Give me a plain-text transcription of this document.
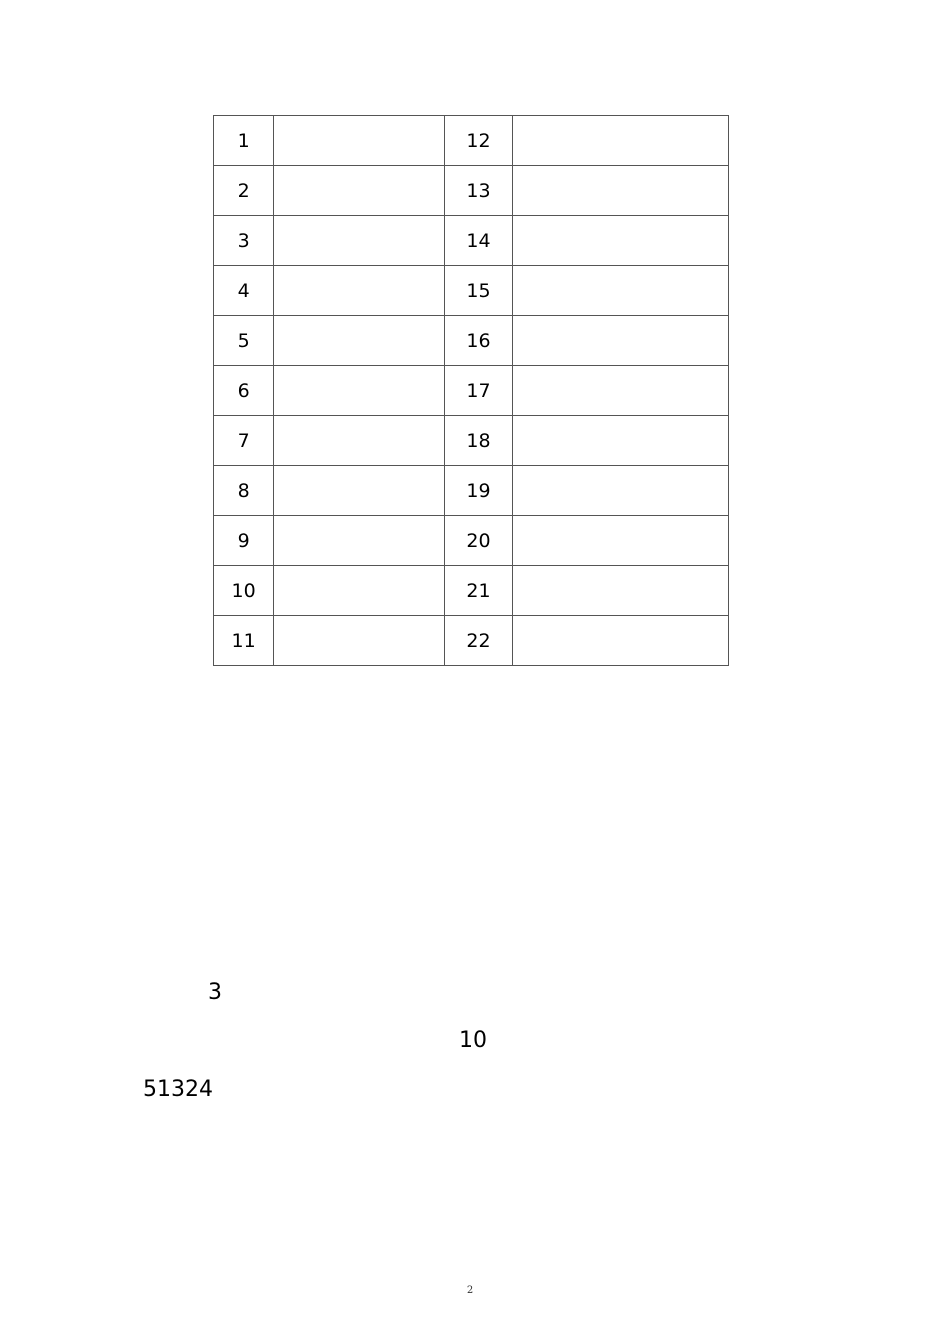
1		12	
2		13	
3		14	
4		15	
5		16	
6		17	
7		18	
8		19	
9		20	
10		21	
11		22	
3
10
51324
2
